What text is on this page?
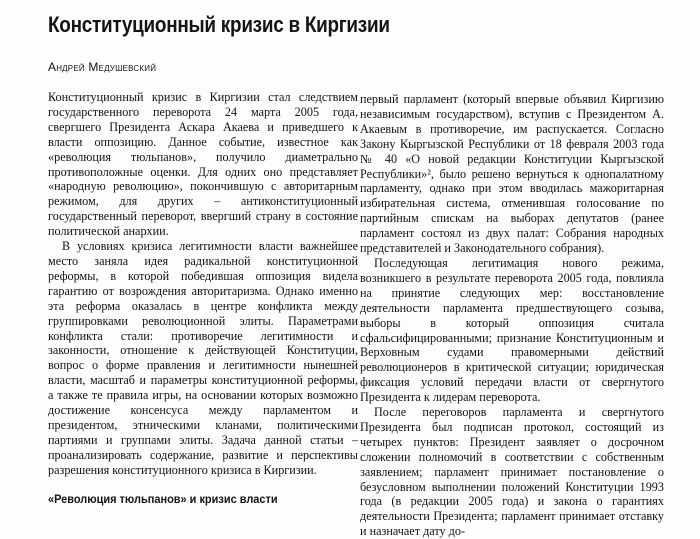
Конституционный кризис в Киргизии
Андрей Медушевский

Конституционный кризис в Киргизии стал следствием государственного переворота 24 марта 2005 года, свергшего Президента Аскара Акаева и приведшего к власти оппозицию. Данное событие, известное как «революция тюльпанов», получило диаметрально противоположные оценки. Для одних оно представляет «народную революцию», покончившую с авторитарным режимом, для других – антиконституционный государственный переворот, ввергший страну в состояние политической анархии.

В условиях кризиса легитимности власти важнейшее место заняла идея радикальной конституционной реформы, в которой победившая оппозиция видела гарантию от возрождения авторитаризма. Однако именно эта реформа оказалась в центре конфликта между группировками революционной элиты. Параметрами конфликта стали: противоречие легитимности и законности, отношение к действующей Конституции, вопрос о форме правления и легитимности нынешней власти, масштаб и параметры конституционной реформы, а также те правила игры, на основании которых возможно достижение консенсуса между парламентом и президентом, этническими кланами, политическими партиями и группами элиты. Задача данной статьи – проанализировать содержание, развитие и перспективы разрешения конституционного кризиса в Киргизии.

«Революция тюльпанов» и кризис власти

первый парламент (который впервые объявил Киргизию независимым государством), вступив с Президентом А. Акаевым в противоречие, им распускается. Согласно Закону Кыргызской Республики от 18 февраля 2003 года № 40 «О новой редакции Конституции Кыргызской Республики»², было решено вернуться к однопалатному парламенту, однако при этом вводилась мажоритарная избирательная система, отменившая голосование по партийным спискам на выборах депутатов (ранее парламент состоял из двух палат: Собрания народных представителей и Законодательного собрания).

Последующая легитимация нового режима, возникшего в результате переворота 2005 года, повлияла на принятие следующих мер: восстановление деятельности парламента предшествующего созыва, выборы в который оппозиция считала сфальсифицированными; признание Конституционным и Верховным судами правомерными действий революционеров в критической ситуации; юридическая фиксация условий передачи власти от свергнутого Президента к лидерам переворота.

После переговоров парламента и свергнутого Президента был подписан протокол, состоящий из четырех пунктов: Президент заявляет о досрочном сложении полномочий в соответствии с собственным заявлением; парламент принимает постановление о безусловном выполнении положений Конституции 1993 года (в редакции 2005 года) и закона о гарантиях деятельности Президента; парламент принимает отставку и назначает дату до-
